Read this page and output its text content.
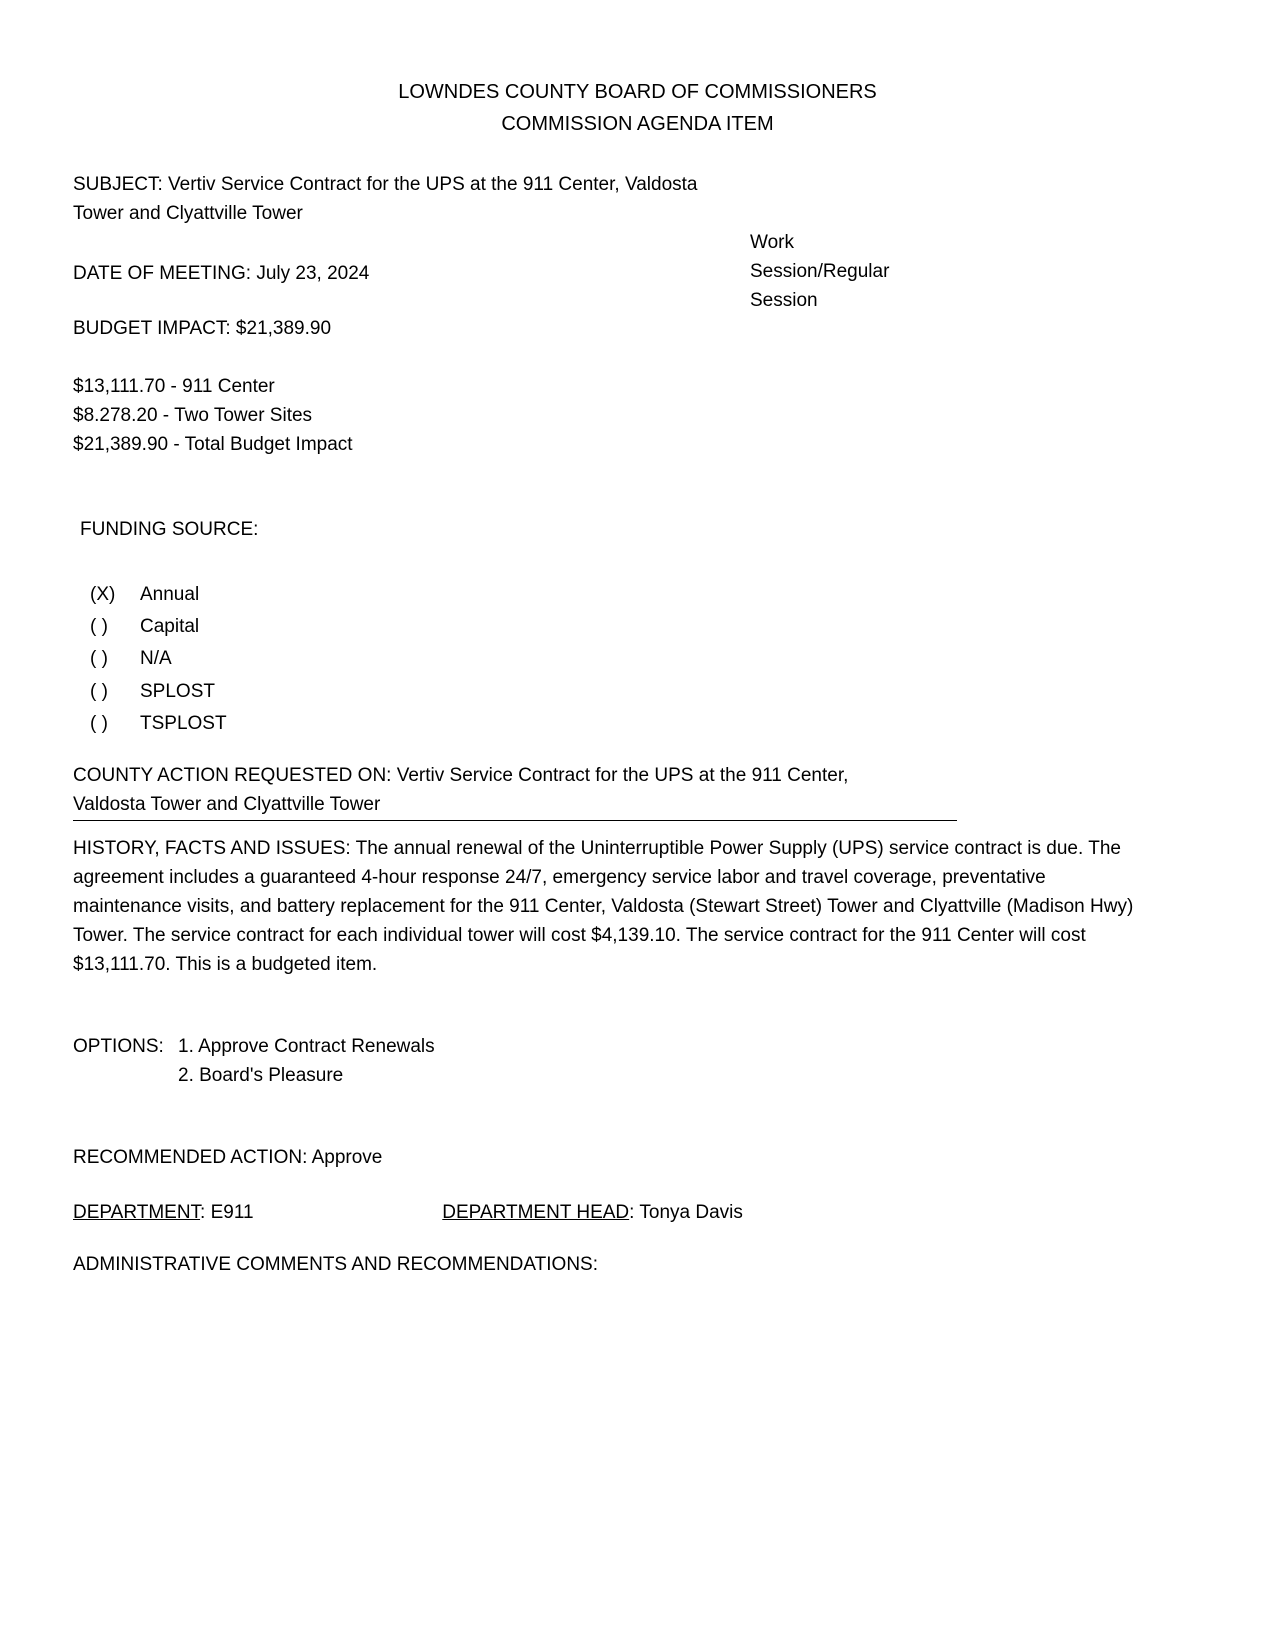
LOWNDES COUNTY BOARD OF COMMISSIONERS
COMMISSION AGENDA ITEM
SUBJECT: Vertiv Service Contract for the UPS at the 911 Center, Valdosta Tower and Clyattville Tower
Work Session/Regular Session
DATE OF MEETING: July 23, 2024
BUDGET IMPACT: $21,389.90
$13,111.70 - 911 Center
$8.278.20 - Two Tower Sites
$21,389.90 - Total Budget Impact
FUNDING SOURCE:
(X)	Annual
( )	Capital
( )	N/A
( )	SPLOST
( )	TSPLOST
COUNTY ACTION REQUESTED ON: Vertiv Service Contract for the UPS at the 911 Center,
Valdosta Tower and Clyattville Tower
HISTORY, FACTS AND ISSUES: The annual renewal of the Uninterruptible Power Supply (UPS) service contract is due. The agreement includes a guaranteed 4-hour response 24/7, emergency service labor and travel coverage, preventative maintenance visits, and battery replacement for the 911 Center, Valdosta (Stewart Street) Tower and Clyattville (Madison Hwy) Tower. The service contract for each individual tower will cost $4,139.10. The service contract for the 911 Center will cost $13,111.70. This is a budgeted item.
OPTIONS: 1. Approve Contract Renewals
2. Board's Pleasure
RECOMMENDED ACTION: Approve
DEPARTMENT: E911	DEPARTMENT HEAD: Tonya Davis
ADMINISTRATIVE COMMENTS AND RECOMMENDATIONS:
